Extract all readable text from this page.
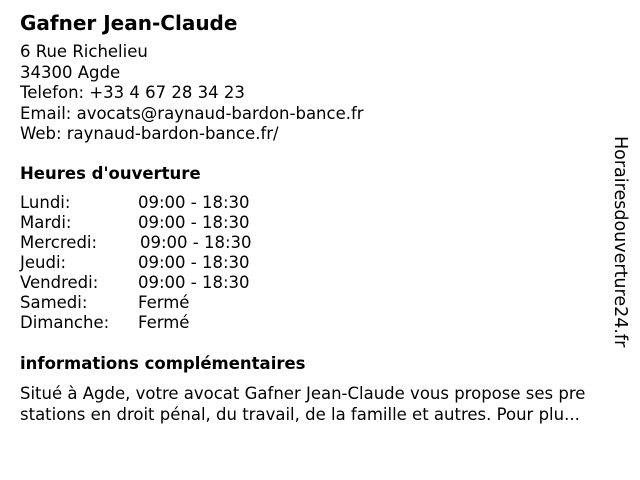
Gafner Jean-Claude
6 Rue Richelieu
34300 Agde
Telefon: +33 4 67 28 34 23
Email: avocats@raynaud-bardon-bance.fr
Web: raynaud-bardon-bance.fr/
Heures d'ouverture
Lundi:	09:00 - 18:30
Mardi:	09:00 - 18:30
Mercredi:	09:00 - 18:30
Jeudi:	09:00 - 18:30
Vendredi: 09:00 - 18:30
Samedi:	Fermé
Dimanche: Fermé
informations complémentaires
Situé à Agde, votre avocat Gafner Jean-Claude vous propose ses pre
stations en droit pénal, du travail, de la famille et autres. Pour plu...
Horairesdouverture24.fr
